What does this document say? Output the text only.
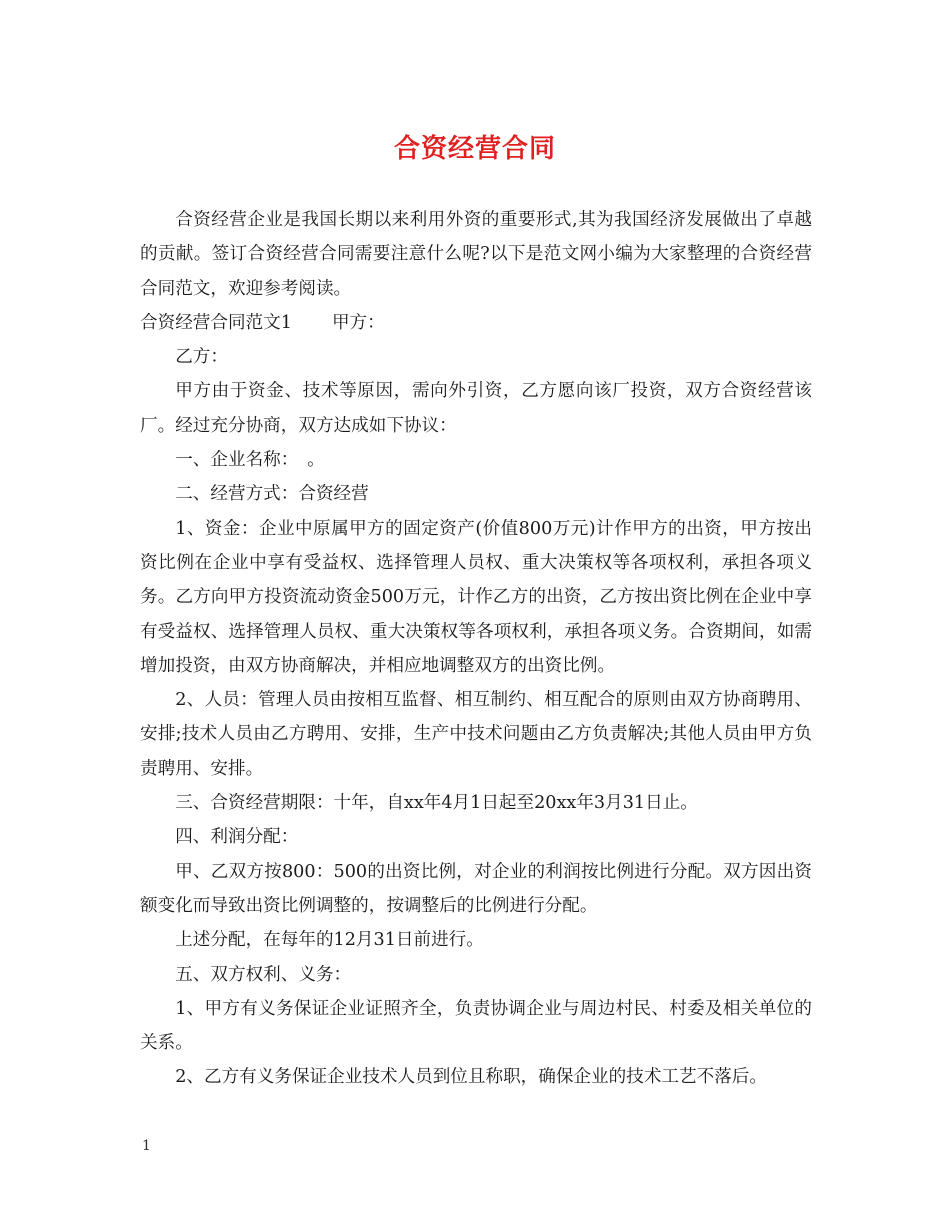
合资经营合同

合资经营企业是我国长期以来利用外资的重要形式,其为我国经济发展做出了卓越的贡献。签订合资经营合同需要注意什么呢?以下是范文网小编为大家整理的合资经营合同范文，欢迎参考阅读。

合资经营合同范文1 甲方：

乙方：

甲方由于资金、技术等原因，需向外引资，乙方愿向该厂投资，双方合资经营该厂。经过充分协商，双方达成如下协议：

一、企业名称：　。

二、经营方式：合资经营

1、资金：企业中原属甲方的固定资产(价值800万元)计作甲方的出资，甲方按出资比例在企业中享有受益权、选择管理人员权、重大决策权等各项权利，承担各项义务。乙方向甲方投资流动资金500万元，计作乙方的出资，乙方按出资比例在企业中享有受益权、选择管理人员权、重大决策权等各项权利，承担各项义务。合资期间，如需增加投资，由双方协商解决，并相应地调整双方的出资比例。

2、人员：管理人员由按相互监督、相互制约、相互配合的原则由双方协商聘用、安排;技术人员由乙方聘用、安排，生产中技术问题由乙方负责解决;其他人员由甲方负责聘用、安排。

三、合资经营期限：十年，自xx年4月1日起至20xx年3月31日止。

四、利润分配：

甲、乙双方按800：500的出资比例，对企业的利润按比例进行分配。双方因出资额变化而导致出资比例调整的，按调整后的比例进行分配。

上述分配，在每年的12月31日前进行。

五、双方权利、义务：

1、甲方有义务保证企业证照齐全，负责协调企业与周边村民、村委及相关单位的关系。

2、乙方有义务保证企业技术人员到位且称职，确保企业的技术工艺不落后。

1
